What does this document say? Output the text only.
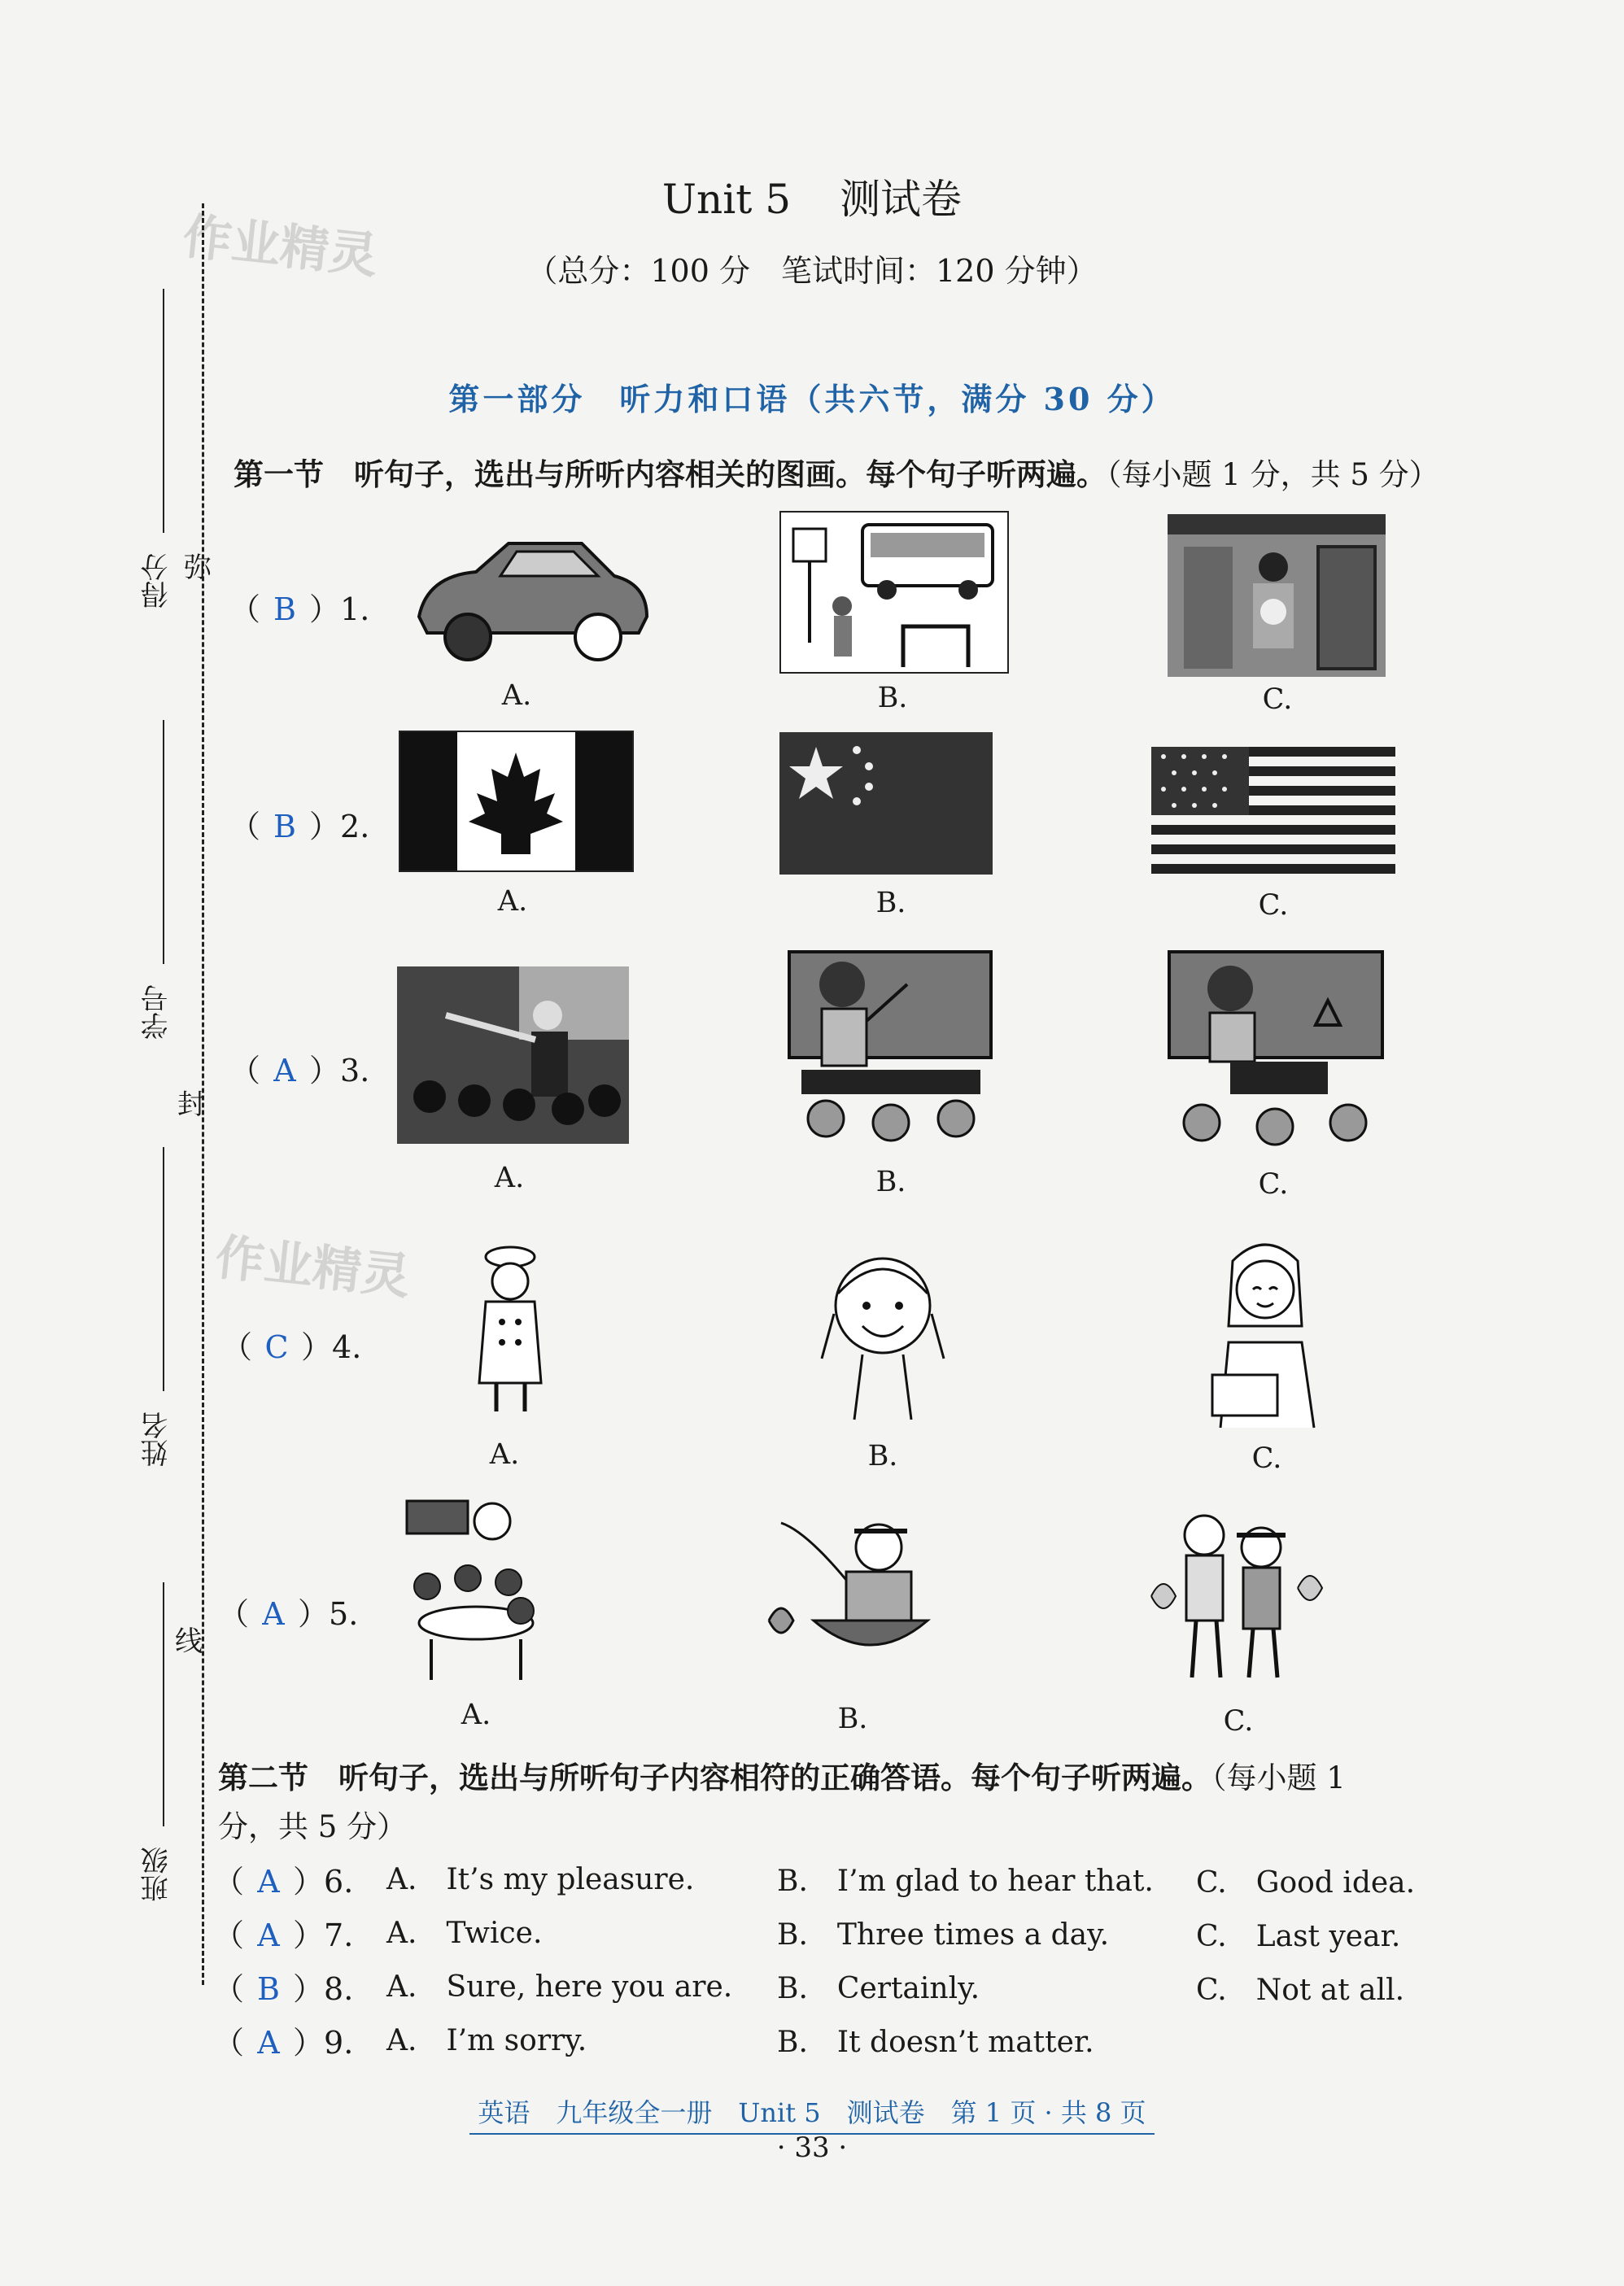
Unit 5 测试卷
（总分：100 分　笔试时间：120 分钟）
作业精灵
作业精灵
得分
学号
姓名
班级
弥
封
线
第一部分　听力和口语（共六节，满分 30 分）
第一节　听句子，选出与所听内容相关的图画。每个句子听两遍。（每小题 1 分，共 5 分）
（ B ）1.
A.	B.	C.
（ B ）2.
A.	B.	C.
（ A ）3.
A.	B.	C.
（ C ）4.
A.	B.	C.
（ A ）5.
A.	B.	C.
第二节　听句子，选出与所听句子内容相符的正确答语。每个句子听两遍。（每小题 1
分，共 5 分）
（ A ）6. A.　It’s my pleasure.	B.　I’m glad to hear that. C.　Good idea.
（ A ）7. A.　Twice.	B.　Three times a day.	C.　Last year.
（ B ）8. A.　Sure, here you are. B.　Certainly.	C.　Not at all.
（ A ）9. A.　I’m sorry.	B.　It doesn’t matter.
英语　九年级全一册　Unit 5　测试卷　第 1 页 · 共 8 页
· 33 ·
